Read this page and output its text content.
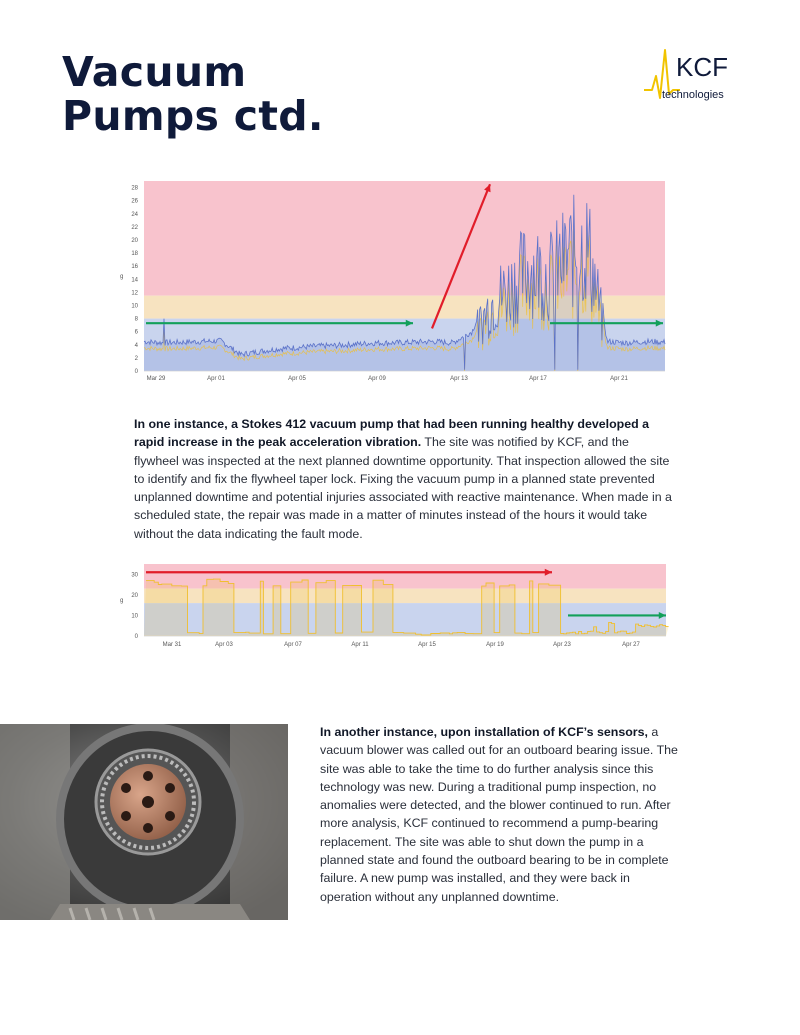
Vacuum
Pumps ctd.
KCF
technologies
0
2
4
6
8
10
12
14
16
18
20
22
24
26
28
g
Mar 29	Apr 01	Apr 05	Apr 09	Apr 13	Apr 17	Apr 21

In one instance, a Stokes 412 vacuum pump that had been running healthy developed a rapid increase in the peak acceleration vibration. The site was notified by KCF, and the flywheel was inspected at the next planned downtime opportunity. That inspection allowed the site to identify and fix the flywheel taper lock. Fixing the vacuum pump in a planned state prevented unplanned downtime and potential injuries associated with reactive maintenance. When made in a scheduled state, the repair was made in a matter of minutes instead of the hours it would take without the data indicating the fault mode.

0
10
20
30
g
Mar 31	Apr 03	Apr 07	Apr 11	Apr 15	Apr 19	Apr 23	Apr 27

In another instance, upon installation of KCF’s sensors, a vacuum blower was called out for an outboard bearing issue. The site was able to take the time to do further analysis since this technology was new. During a traditional pump inspection, no anomalies were detected, and the blower continued to run. After more analysis, KCF continued to recommend a pump-bearing replacement. The site was able to shut down the pump in a planned state and found the outboard bearing to be in complete failure. A new pump was installed, and they were back in operation without any unplanned downtime.
